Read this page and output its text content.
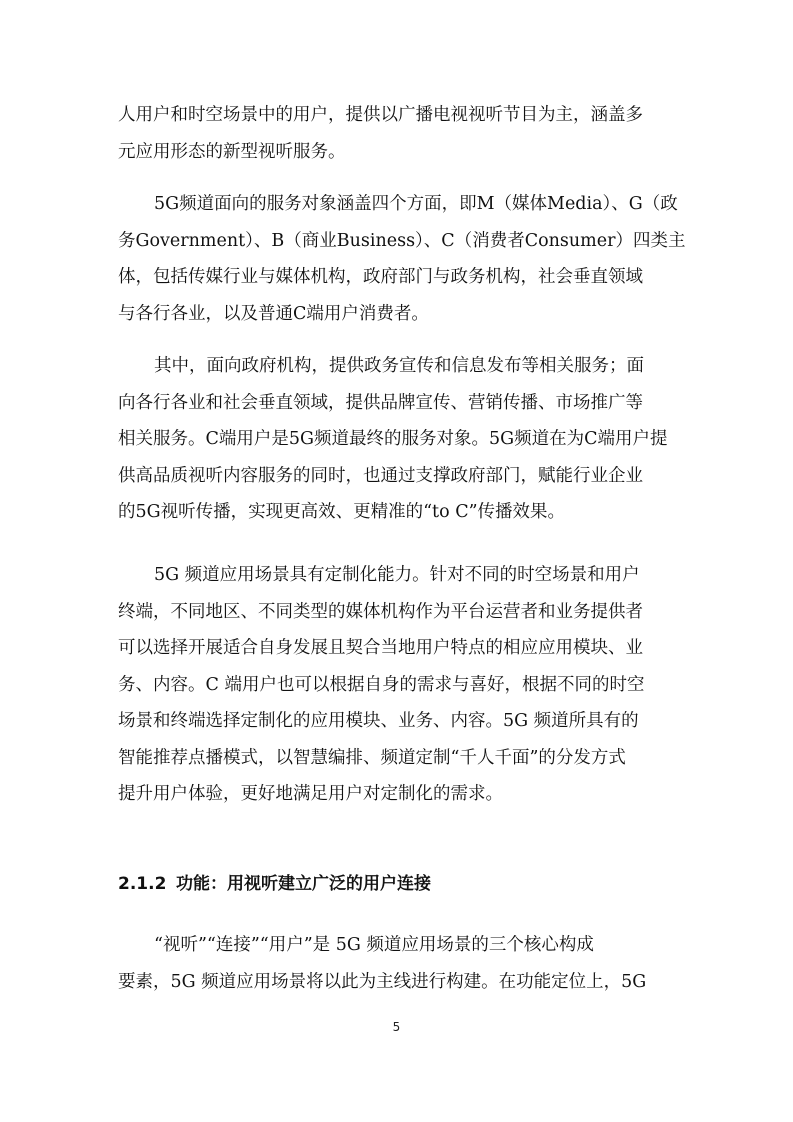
人用户和时空场景中的用户，提供以广播电视视听节目为主，涵盖多
元应用形态的新型视听服务。

5G频道面向的服务对象涵盖四个方面，即M（媒体Media）、G（政
务Government）、B（商业Business）、C（消费者Consumer）四类主
体，包括传媒行业与媒体机构，政府部门与政务机构，社会垂直领域
与各行各业，以及普通C端用户消费者。

其中，面向政府机构，提供政务宣传和信息发布等相关服务；面
向各行各业和社会垂直领域，提供品牌宣传、营销传播、市场推广等
相关服务。C端用户是5G频道最终的服务对象。5G频道在为C端用户提
供高品质视听内容服务的同时，也通过支撑政府部门，赋能行业企业
的5G视听传播，实现更高效、更精准的“to C”传播效果。

5G 频道应用场景具有定制化能力。针对不同的时空场景和用户
终端，不同地区、不同类型的媒体机构作为平台运营者和业务提供者
可以选择开展适合自身发展且契合当地用户特点的相应应用模块、业
务、内容。C 端用户也可以根据自身的需求与喜好，根据不同的时空
场景和终端选择定制化的应用模块、业务、内容。5G 频道所具有的
智能推荐点播模式，以智慧编排、频道定制“千人千面”的分发方式
提升用户体验，更好地满足用户对定制化的需求。

2.1.2 功能：用视听建立广泛的用户连接

“视听”“连接”“用户”是 5G 频道应用场景的三个核心构成
要素，5G 频道应用场景将以此为主线进行构建。在功能定位上，5G

5
